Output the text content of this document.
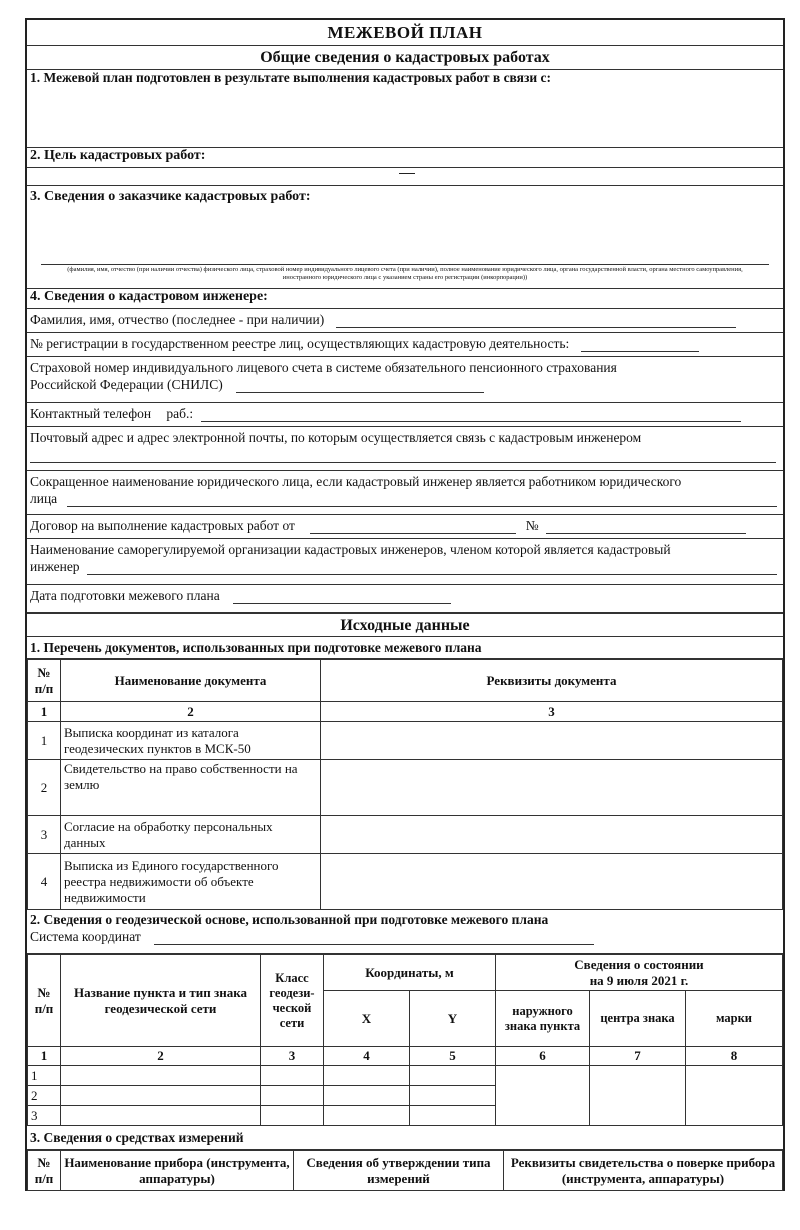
МЕЖЕВОЙ ПЛАН
Общие сведения о кадастровых работах
1. Межевой план подготовлен в результате выполнения кадастровых работ в связи с:
2. Цель кадастровых работ:
3. Сведения о заказчике кадастровых работ:
(фамилия, имя, отчество (при наличии отчества) физического лица, страховой номер индивидуального лицевого счета (при наличии), полное наименование юридического лица, органа государственной власти, органа местного самоуправления, иностранного юридического лица с указанием страны его регистрации (инкорпорации))
4. Сведения о кадастровом инженере:
Фамилия, имя, отчество (последнее - при наличии)
№ регистрации в государственном реестре лиц, осуществляющих кадастровую деятельность:
Страховой номер индивидуального лицевого счета в системе обязательного пенсионного страхования
Российской Федерации (СНИЛС)
Контактный телефон раб.:
Почтовый адрес и адрес электронной почты, по которым осуществляется связь с кадастровым инженером
Сокращенное наименование юридического лица, если кадастровый инженер является работником юридического
лица
Договор на выполнение кадастровых работ от	№
Наименование саморегулируемой организации кадастровых инженеров, членом которой является кадастровый
инженер
Дата подготовки межевого плана
Исходные данные
1. Перечень документов, использованных при подготовке межевого плана
№ п/п	Наименование документа	Реквизиты документа
1	2	3
1	Выписка координат из каталога геодезических пунктов в МСК-50	
2	Свидетельство на право собственности на землю	
3	Согласие на обработку персональных данных	
4	Выписка из Единого государственного реестра недвижимости об объекте недвижимости	
2. Сведения о геодезической основе, использованной при подготовке межевого плана
Система координат
№ п/п	Название пункта и тип знака геодезической сети	Класс геодези-ческой сети	Координаты, м		Сведения о состоянии
на 9 июля 2021 г.		

			X	Y	наружного знака пункта	центра знака	марки
1	2	3	4	5	6	7	8
1							
2							
3							
3. Сведения о средствах измерений
№ п/п	Наименование прибора (инструмента, аппаратуры)	Сведения об утверждении типа измерений	Реквизиты свидетельства о поверке прибора (инструмента, аппаратуры)
